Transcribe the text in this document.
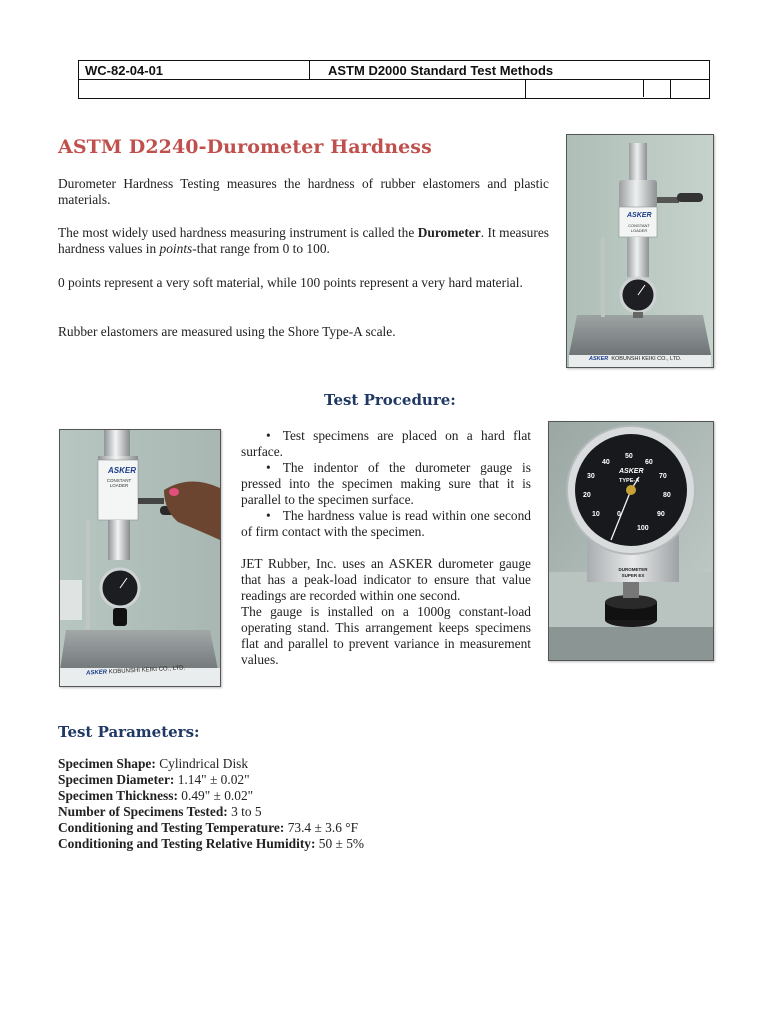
WC-82-04-01	ASTM D2000 Standard Test Methods		

ASTM D2240-Durometer Hardness
Durometer Hardness Testing measures the hardness of rubber elastomers and plastic materials.
The most widely used hardness measuring instrument is called the Durometer. It measures hardness values in points-that range from 0 to 100.
0 points represent a very soft material, while 100 points represent a very hard material.
Rubber elastomers are measured using the Shore Type-A scale.
ASKER
CONSTANT LOADER
ASKER KOBUNSHI KEIKI CO., LTD.
Test Procedure:
ASKER
CONSTANT LOADER
ASKER KOBUNSHI KEIKI CO., LTD.
• Test specimens are placed on a hard flat surface.
• The indentor of the durometer gauge is pressed into the specimen making sure that it is parallel to the specimen surface.
• The hardness value is read within one second of firm contact with the specimen.
JET Rubber, Inc. uses an ASKER durometer gauge that has a peak-load indicator to ensure that value readings are recorded within one second.
The gauge is installed on a 1000g constant-load operating stand. This arrangement keeps specimens flat and parallel to prevent variance in measurement values.
0
10
20
30
40
50
60
70
80
90
100
ASKER
TYPE-A
DUROMETER SUPER EX
Test Parameters:
Specimen Shape: Cylindrical Disk
Specimen Diameter: 1.14" ± 0.02"
Specimen Thickness: 0.49" ± 0.02"
Number of Specimens Tested: 3 to 5
Conditioning and Testing Temperature: 73.4 ± 3.6 °F
Conditioning and Testing Relative Humidity: 50 ± 5%
